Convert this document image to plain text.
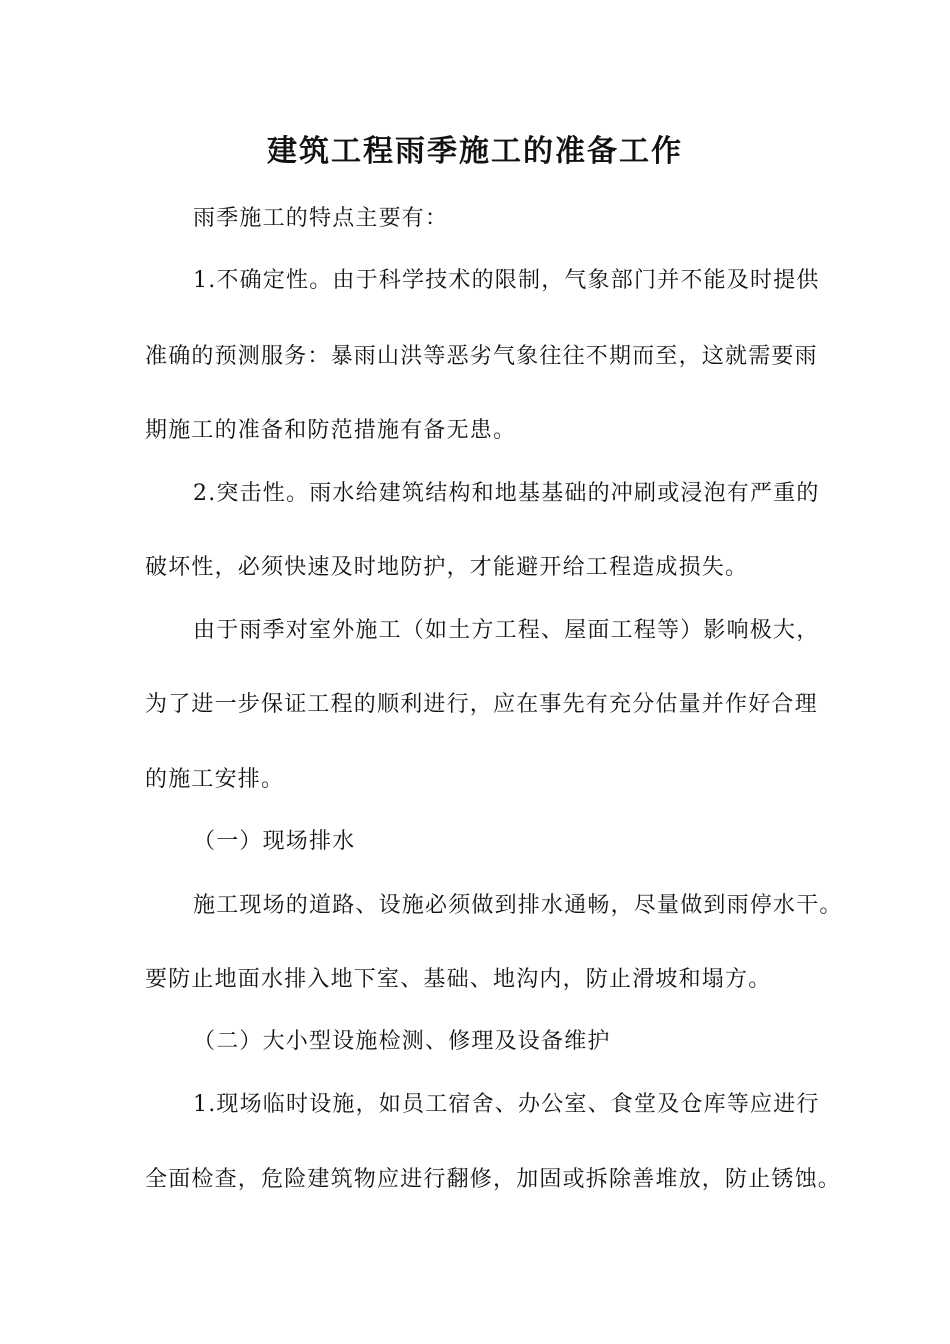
建筑工程雨季施工的准备工作

雨季施工的特点主要有：

1.不确定性。由于科学技术的限制，气象部门并不能及时提供

准确的预测服务：暴雨山洪等恶劣气象往往不期而至，这就需要雨

期施工的准备和防范措施有备无患。

2.突击性。雨水给建筑结构和地基基础的冲刷或浸泡有严重的

破坏性，必须快速及时地防护，才能避开给工程造成损失。

由于雨季对室外施工（如土方工程、屋面工程等）影响极大，

为了进一步保证工程的顺利进行，应在事先有充分估量并作好合理

的施工安排。

（一）现场排水

施工现场的道路、设施必须做到排水通畅，尽量做到雨停水干。

要防止地面水排入地下室、基础、地沟内，防止滑坡和塌方。

（二）大小型设施检测、修理及设备维护

1.现场临时设施，如员工宿舍、办公室、食堂及仓库等应进行

全面检查，危险建筑物应进行翻修，加固或拆除善堆放，防止锈蚀。
